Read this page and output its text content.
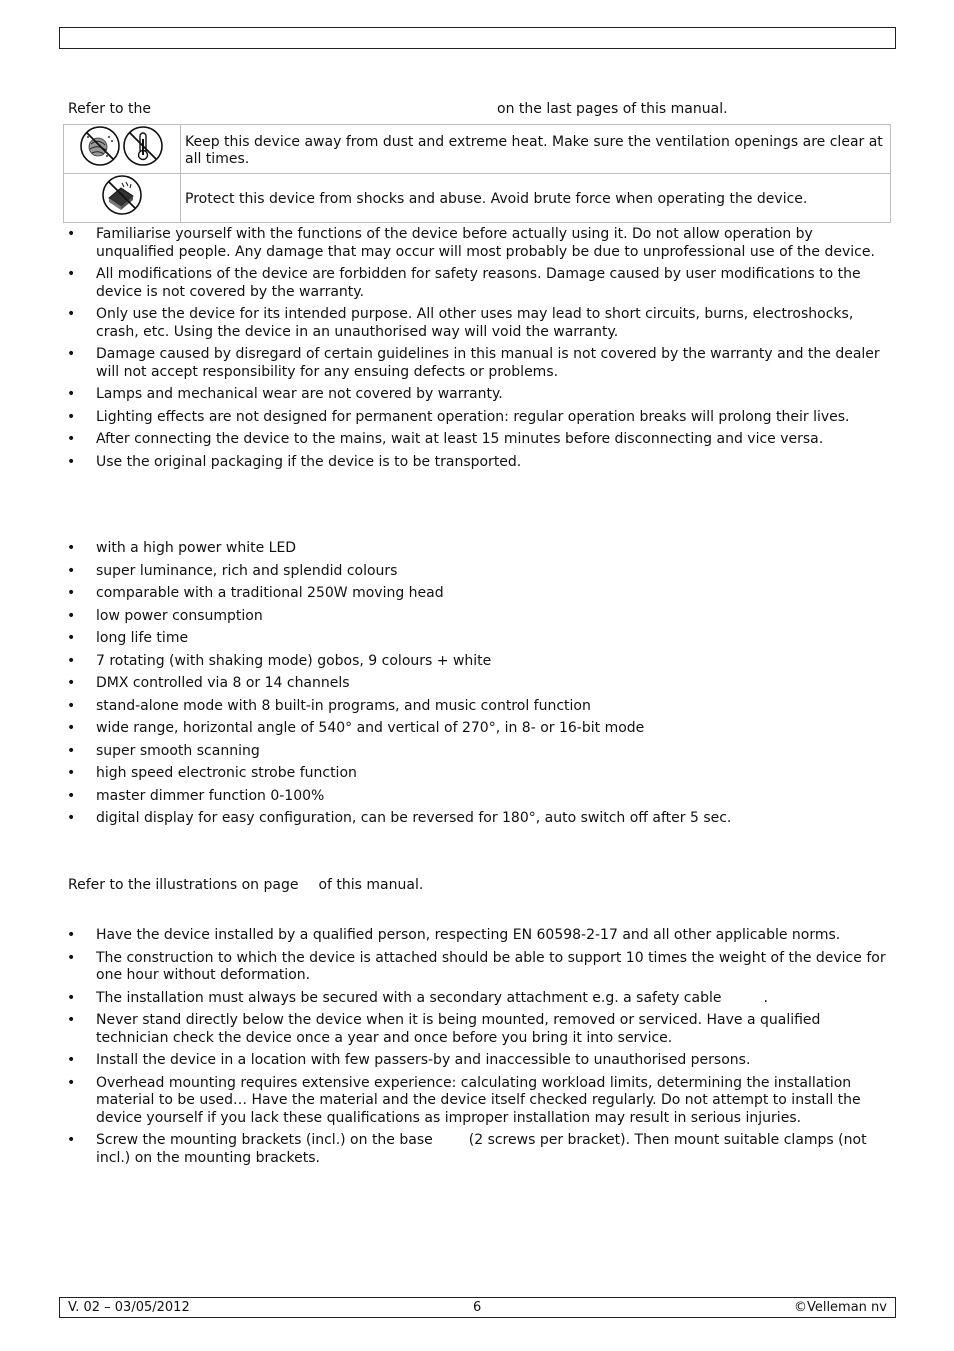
Refer to the	on the last pages of this manual.
	Keep this device away from dust and extreme heat. Make sure the ventilation openings are clear at all times.
	Protect this device from shocks and abuse. Avoid brute force when operating the device.
• Familiarise yourself with the functions of the device before actually using it. Do not allow operation by unqualified people. Any damage that may occur will most probably be due to unprofessional use of the device.
• All modifications of the device are forbidden for safety reasons. Damage caused by user modifications to the device is not covered by the warranty.
• Only use the device for its intended purpose. All other uses may lead to short circuits, burns, electroshocks, crash, etc. Using the device in an unauthorised way will void the warranty.
• Damage caused by disregard of certain guidelines in this manual is not covered by the warranty and the dealer will not accept responsibility for any ensuing defects or problems.
• Lamps and mechanical wear are not covered by warranty.
• Lighting effects are not designed for permanent operation: regular operation breaks will prolong their lives.
• After connecting the device to the mains, wait at least 15 minutes before disconnecting and vice versa.
• Use the original packaging if the device is to be transported.
• with a high power white LED
• super luminance, rich and splendid colours
• comparable with a traditional 250W moving head
• low power consumption
• long life time
• 7 rotating (with shaking mode) gobos, 9 colours + white
• DMX controlled via 8 or 14 channels
• stand-alone mode with 8 built-in programs, and music control function
• wide range, horizontal angle of 540° and vertical of 270°, in 8- or 16-bit mode
• super smooth scanning
• high speed electronic strobe function
• master dimmer function 0-100%
• digital display for easy configuration, can be reversed for 180°, auto switch off after 5 sec.
Refer to the illustrations on page of this manual.
• Have the device installed by a qualified person, respecting EN 60598-2-17 and all other applicable norms.
• The construction to which the device is attached should be able to support 10 times the weight of the device for one hour without deformation.
• The installation must always be secured with a secondary attachment e.g. a safety cable	.
• Never stand directly below the device when it is being mounted, removed or serviced. Have a qualified technician check the device once a year and once before you bring it into service.
• Install the device in a location with few passers-by and inaccessible to unauthorised persons.
• Overhead mounting requires extensive experience: calculating workload limits, determining the installation material to be used… Have the material and the device itself checked regularly. Do not attempt to install the device yourself if you lack these qualifications as improper installation may result in serious injuries.
• Screw the mounting brackets (incl.) on the base	(2 screws per bracket). Then mount suitable clamps (not incl.) on the mounting brackets.
V. 02 – 03/05/2012	6	©Velleman nv
